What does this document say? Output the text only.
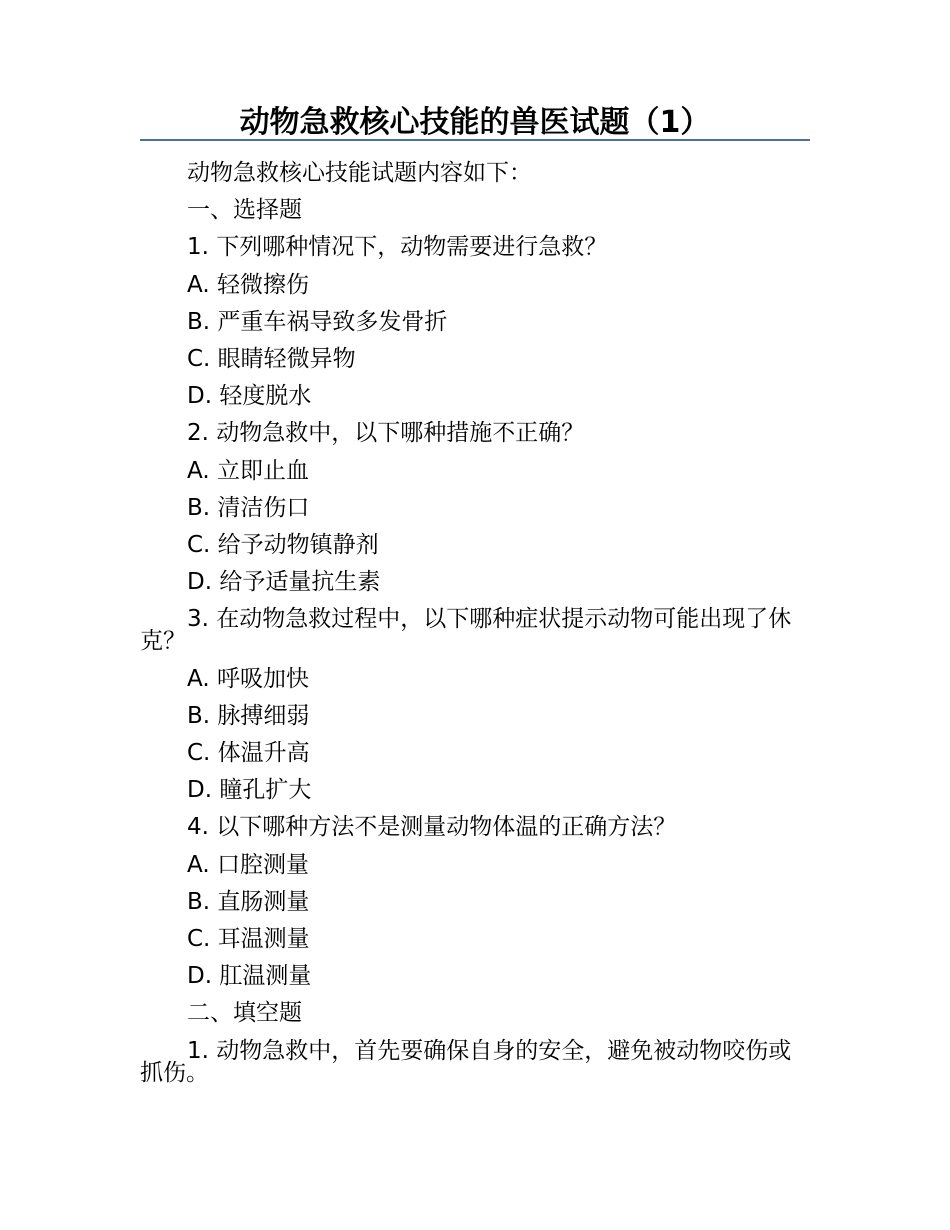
动物急救核心技能的兽医试题（1）

动物急救核心技能试题内容如下：

一、选择题

1. 下列哪种情况下，动物需要进行急救？

A. 轻微擦伤

B. 严重车祸导致多发骨折

C. 眼睛轻微异物

D. 轻度脱水

2. 动物急救中，以下哪种措施不正确？

A. 立即止血

B. 清洁伤口

C. 给予动物镇静剂

D. 给予适量抗生素

3. 在动物急救过程中，以下哪种症状提示动物可能出现了休克？

A. 呼吸加快

B. 脉搏细弱

C. 体温升高

D. 瞳孔扩大

4. 以下哪种方法不是测量动物体温的正确方法？

A. 口腔测量

B. 直肠测量

C. 耳温测量

D. 肛温测量

二、填空题

1. 动物急救中，首先要确保自身的安全，避免被动物咬伤或抓伤。
